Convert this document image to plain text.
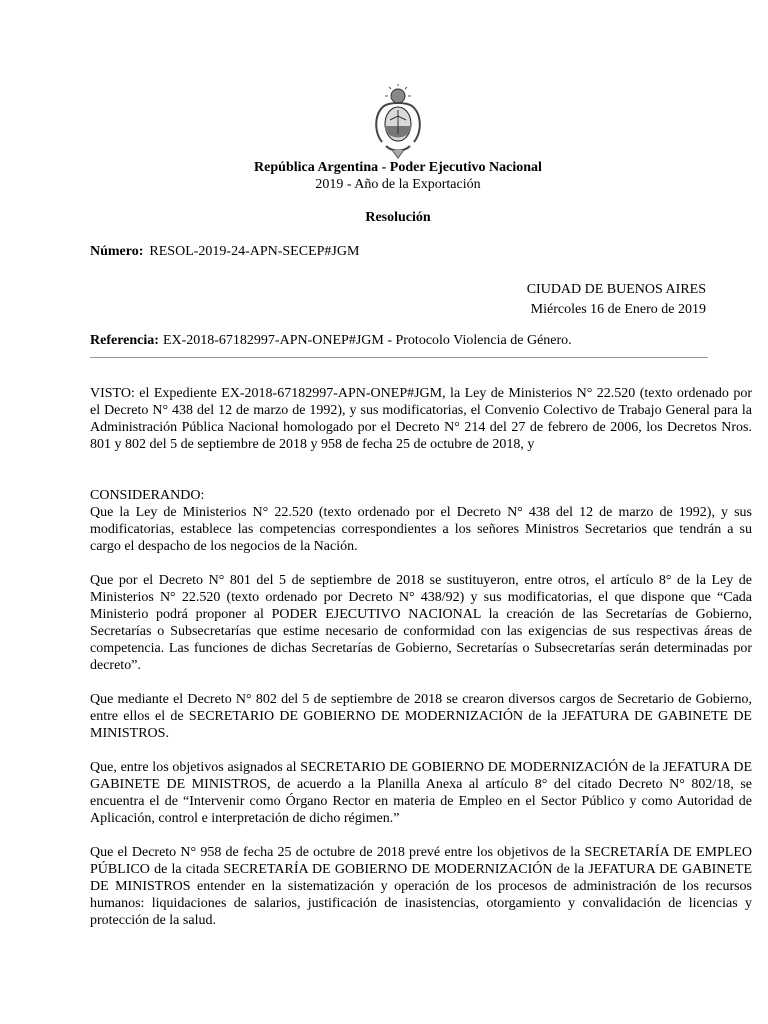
República Argentina - Poder Ejecutivo Nacional
2019 - Año de la Exportación
Resolución
Número: RESOL-2019-24-APN-SECEP#JGM
CIUDAD DE BUENOS AIRES
Miércoles 16 de Enero de 2019
Referencia: EX-2018-67182997-APN-ONEP#JGM - Protocolo Violencia de Género.

VISTO: el Expediente EX-2018-67182997-APN-ONEP#JGM, la Ley de Ministerios N° 22.520 (texto ordenado por el Decreto N° 438 del 12 de marzo de 1992), y sus modificatorias, el Convenio Colectivo de Trabajo General para la Administración Pública Nacional homologado por el Decreto N° 214 del 27 de febrero de 2006, los Decretos Nros. 801 y 802 del 5 de septiembre de 2018 y 958 de fecha 25 de octubre de 2018, y

CONSIDERANDO:

Que la Ley de Ministerios N° 22.520 (texto ordenado por el Decreto N° 438 del 12 de marzo de 1992), y sus modificatorias, establece las competencias correspondientes a los señores Ministros Secretarios que tendrán a su cargo el despacho de los negocios de la Nación.

Que por el Decreto N° 801 del 5 de septiembre de 2018 se sustituyeron, entre otros, el artículo 8° de la Ley de Ministerios N° 22.520 (texto ordenado por Decreto N° 438/92) y sus modificatorias, el que dispone que “Cada Ministerio podrá proponer al PODER EJECUTIVO NACIONAL la creación de las Secretarías de Gobierno, Secretarías o Subsecretarías que estime necesario de conformidad con las exigencias de sus respectivas áreas de competencia. Las funciones de dichas Secretarías de Gobierno, Secretarías o Subsecretarías serán determinadas por decreto”.

Que mediante el Decreto N° 802 del 5 de septiembre de 2018 se crearon diversos cargos de Secretario de Gobierno, entre ellos el de SECRETARIO DE GOBIERNO DE MODERNIZACIÓN de la JEFATURA DE GABINETE DE MINISTROS.

Que, entre los objetivos asignados al SECRETARIO DE GOBIERNO DE MODERNIZACIÓN de la JEFATURA DE GABINETE DE MINISTROS, de acuerdo a la Planilla Anexa al artículo 8° del citado Decreto N° 802/18, se encuentra el de “Intervenir como Órgano Rector en materia de Empleo en el Sector Público y como Autoridad de Aplicación, control e interpretación de dicho régimen.”

Que el Decreto N° 958 de fecha 25 de octubre de 2018 prevé entre los objetivos de la SECRETARÍA DE EMPLEO PÚBLICO de la citada SECRETARÍA DE GOBIERNO DE MODERNIZACIÓN de la JEFATURA DE GABINETE DE MINISTROS entender en la sistematización y operación de los procesos de administración de los recursos humanos: liquidaciones de salarios, justificación de inasistencias, otorgamiento y convalidación de licencias y protección de la salud.
